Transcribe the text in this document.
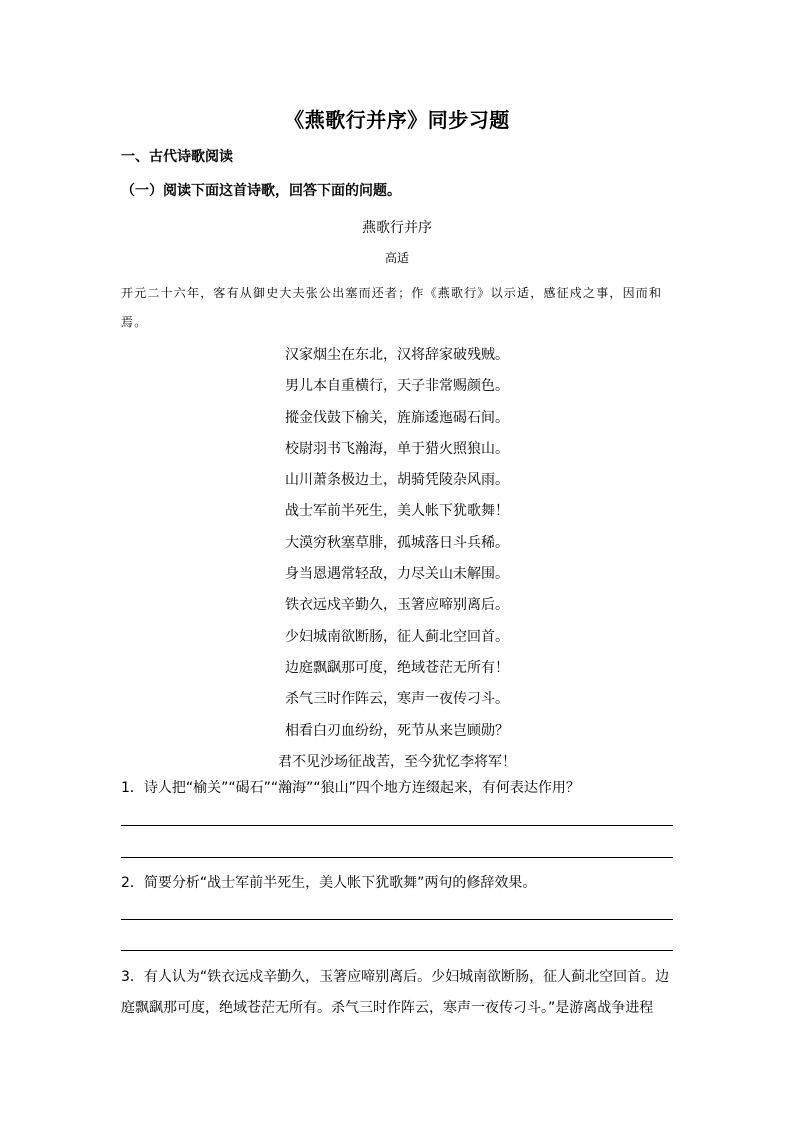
《燕歌行并序》同步习题
一、古代诗歌阅读
（一）阅读下面这首诗歌，回答下面的问题。
燕歌行并序
高适
开元二十六年，客有从御史大夫张公出塞而还者；作《燕歌行》以示适，感征戍之事，因而和焉。
汉家烟尘在东北，汉将辞家破残贼。
男儿本自重横行，天子非常赐颜色。
摐金伐鼓下榆关，旌旆逶迤碣石间。
校尉羽书飞瀚海，单于猎火照狼山。
山川萧条极边土，胡骑凭陵杂风雨。
战士军前半死生，美人帐下犹歌舞！
大漠穷秋塞草腓，孤城落日斗兵稀。
身当恩遇常轻敌，力尽关山未解围。
铁衣远戍辛勤久，玉箸应啼别离后。
少妇城南欲断肠，征人蓟北空回首。
边庭飘飖那可度，绝域苍茫无所有！
杀气三时作阵云，寒声一夜传刁斗。
相看白刃血纷纷，死节从来岂顾勋？
君不见沙场征战苦，至今犹忆李将军！
1．诗人把“榆关”“碣石”“瀚海”“狼山”四个地方连缀起来，有何表达作用？
2．简要分析“战士军前半死生，美人帐下犹歌舞”两句的修辞效果。
3．有人认为“铁衣远戍辛勤久，玉箸应啼别离后。少妇城南欲断肠，征人蓟北空回首。边庭飘飖那可度，绝域苍茫无所有。杀气三时作阵云，寒声一夜传刁斗。”是游离战争进程
